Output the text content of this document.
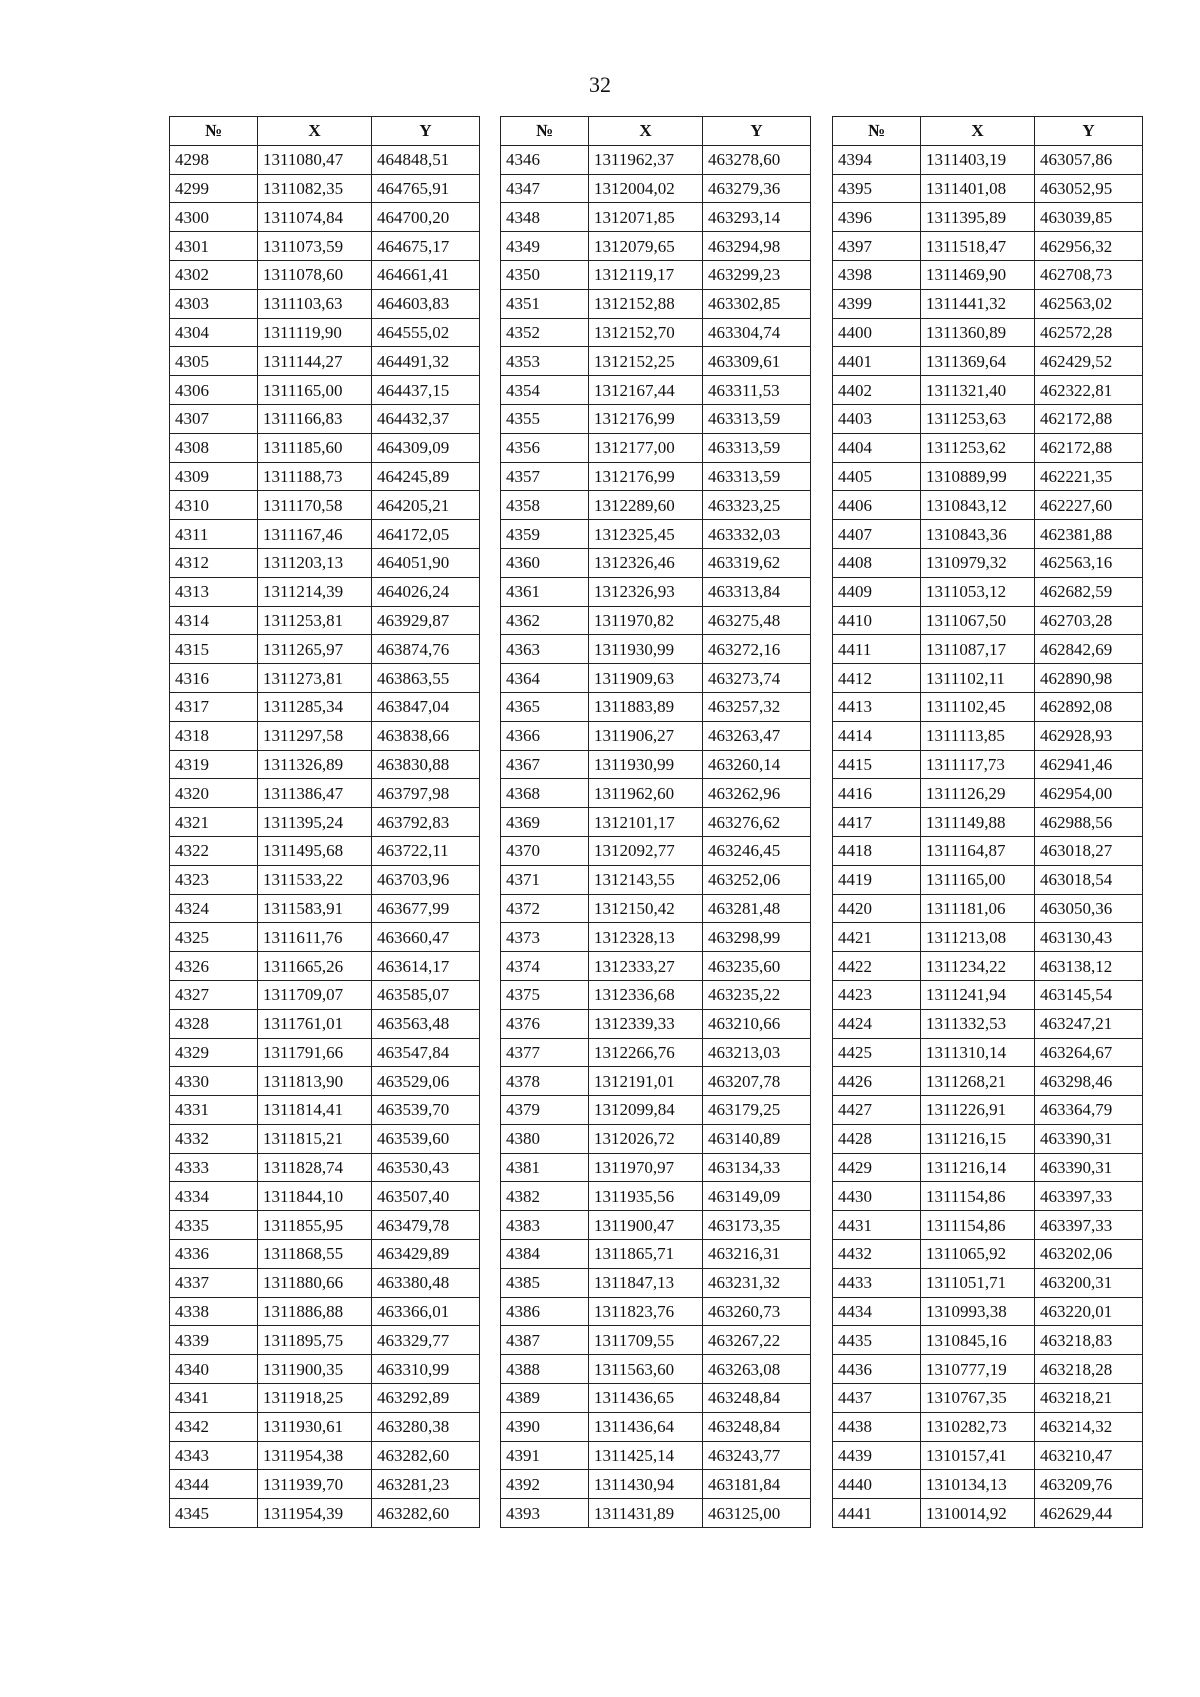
32
№	X	Y
4298	1311080,47	464848,51
4299	1311082,35	464765,91
4300	1311074,84	464700,20
4301	1311073,59	464675,17
4302	1311078,60	464661,41
4303	1311103,63	464603,83
4304	1311119,90	464555,02
4305	1311144,27	464491,32
4306	1311165,00	464437,15
4307	1311166,83	464432,37
4308	1311185,60	464309,09
4309	1311188,73	464245,89
4310	1311170,58	464205,21
4311	1311167,46	464172,05
4312	1311203,13	464051,90
4313	1311214,39	464026,24
4314	1311253,81	463929,87
4315	1311265,97	463874,76
4316	1311273,81	463863,55
4317	1311285,34	463847,04
4318	1311297,58	463838,66
4319	1311326,89	463830,88
4320	1311386,47	463797,98
4321	1311395,24	463792,83
4322	1311495,68	463722,11
4323	1311533,22	463703,96
4324	1311583,91	463677,99
4325	1311611,76	463660,47
4326	1311665,26	463614,17
4327	1311709,07	463585,07
4328	1311761,01	463563,48
4329	1311791,66	463547,84
4330	1311813,90	463529,06
4331	1311814,41	463539,70
4332	1311815,21	463539,60
4333	1311828,74	463530,43
4334	1311844,10	463507,40
4335	1311855,95	463479,78
4336	1311868,55	463429,89
4337	1311880,66	463380,48
4338	1311886,88	463366,01
4339	1311895,75	463329,77
4340	1311900,35	463310,99
4341	1311918,25	463292,89
4342	1311930,61	463280,38
4343	1311954,38	463282,60
4344	1311939,70	463281,23
4345	1311954,39	463282,60
№	X	Y
4346	1311962,37	463278,60
4347	1312004,02	463279,36
4348	1312071,85	463293,14
4349	1312079,65	463294,98
4350	1312119,17	463299,23
4351	1312152,88	463302,85
4352	1312152,70	463304,74
4353	1312152,25	463309,61
4354	1312167,44	463311,53
4355	1312176,99	463313,59
4356	1312177,00	463313,59
4357	1312176,99	463313,59
4358	1312289,60	463323,25
4359	1312325,45	463332,03
4360	1312326,46	463319,62
4361	1312326,93	463313,84
4362	1311970,82	463275,48
4363	1311930,99	463272,16
4364	1311909,63	463273,74
4365	1311883,89	463257,32
4366	1311906,27	463263,47
4367	1311930,99	463260,14
4368	1311962,60	463262,96
4369	1312101,17	463276,62
4370	1312092,77	463246,45
4371	1312143,55	463252,06
4372	1312150,42	463281,48
4373	1312328,13	463298,99
4374	1312333,27	463235,60
4375	1312336,68	463235,22
4376	1312339,33	463210,66
4377	1312266,76	463213,03
4378	1312191,01	463207,78
4379	1312099,84	463179,25
4380	1312026,72	463140,89
4381	1311970,97	463134,33
4382	1311935,56	463149,09
4383	1311900,47	463173,35
4384	1311865,71	463216,31
4385	1311847,13	463231,32
4386	1311823,76	463260,73
4387	1311709,55	463267,22
4388	1311563,60	463263,08
4389	1311436,65	463248,84
4390	1311436,64	463248,84
4391	1311425,14	463243,77
4392	1311430,94	463181,84
4393	1311431,89	463125,00
№	X	Y
4394	1311403,19	463057,86
4395	1311401,08	463052,95
4396	1311395,89	463039,85
4397	1311518,47	462956,32
4398	1311469,90	462708,73
4399	1311441,32	462563,02
4400	1311360,89	462572,28
4401	1311369,64	462429,52
4402	1311321,40	462322,81
4403	1311253,63	462172,88
4404	1311253,62	462172,88
4405	1310889,99	462221,35
4406	1310843,12	462227,60
4407	1310843,36	462381,88
4408	1310979,32	462563,16
4409	1311053,12	462682,59
4410	1311067,50	462703,28
4411	1311087,17	462842,69
4412	1311102,11	462890,98
4413	1311102,45	462892,08
4414	1311113,85	462928,93
4415	1311117,73	462941,46
4416	1311126,29	462954,00
4417	1311149,88	462988,56
4418	1311164,87	463018,27
4419	1311165,00	463018,54
4420	1311181,06	463050,36
4421	1311213,08	463130,43
4422	1311234,22	463138,12
4423	1311241,94	463145,54
4424	1311332,53	463247,21
4425	1311310,14	463264,67
4426	1311268,21	463298,46
4427	1311226,91	463364,79
4428	1311216,15	463390,31
4429	1311216,14	463390,31
4430	1311154,86	463397,33
4431	1311154,86	463397,33
4432	1311065,92	463202,06
4433	1311051,71	463200,31
4434	1310993,38	463220,01
4435	1310845,16	463218,83
4436	1310777,19	463218,28
4437	1310767,35	463218,21
4438	1310282,73	463214,32
4439	1310157,41	463210,47
4440	1310134,13	463209,76
4441	1310014,92	462629,44
